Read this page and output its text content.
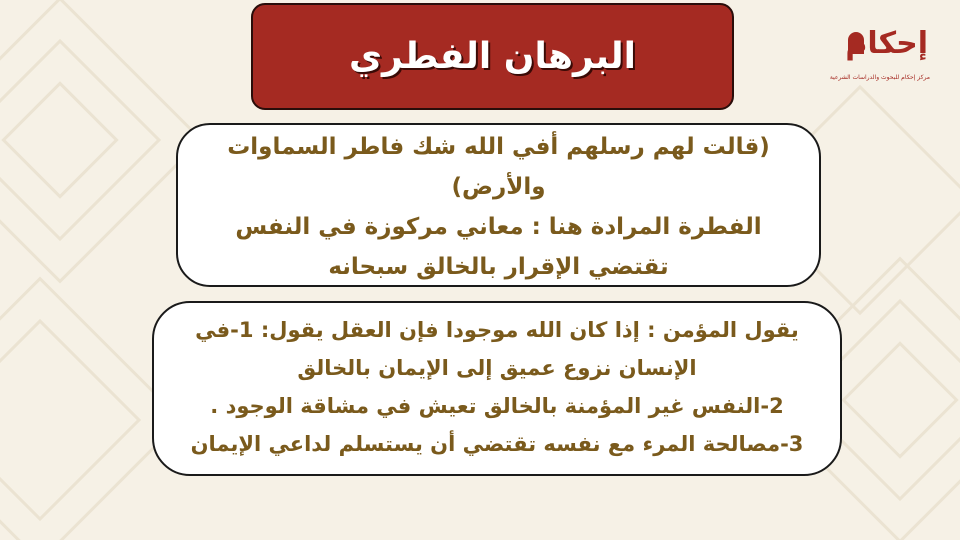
إحكام
مركز إحكام للبحوث والدراسات الشرعية
البرهان الفطري
(قالت لهم رسلهم أفي الله شك فاطر السماوات
والأرض)
الفطرة المرادة هنا : معاني مركوزة في النفس
تقتضي الإقرار بالخالق سبحانه
يقول المؤمن : إذا كان الله موجودا فإن العقل يقول: 1-في
الإنسان نزوع عميق إلى الإيمان بالخالق
2-النفس غير المؤمنة بالخالق تعيش في مشاقة الوجود .
3-مصالحة المرء مع نفسه تقتضي أن يستسلم لداعي الإيمان
